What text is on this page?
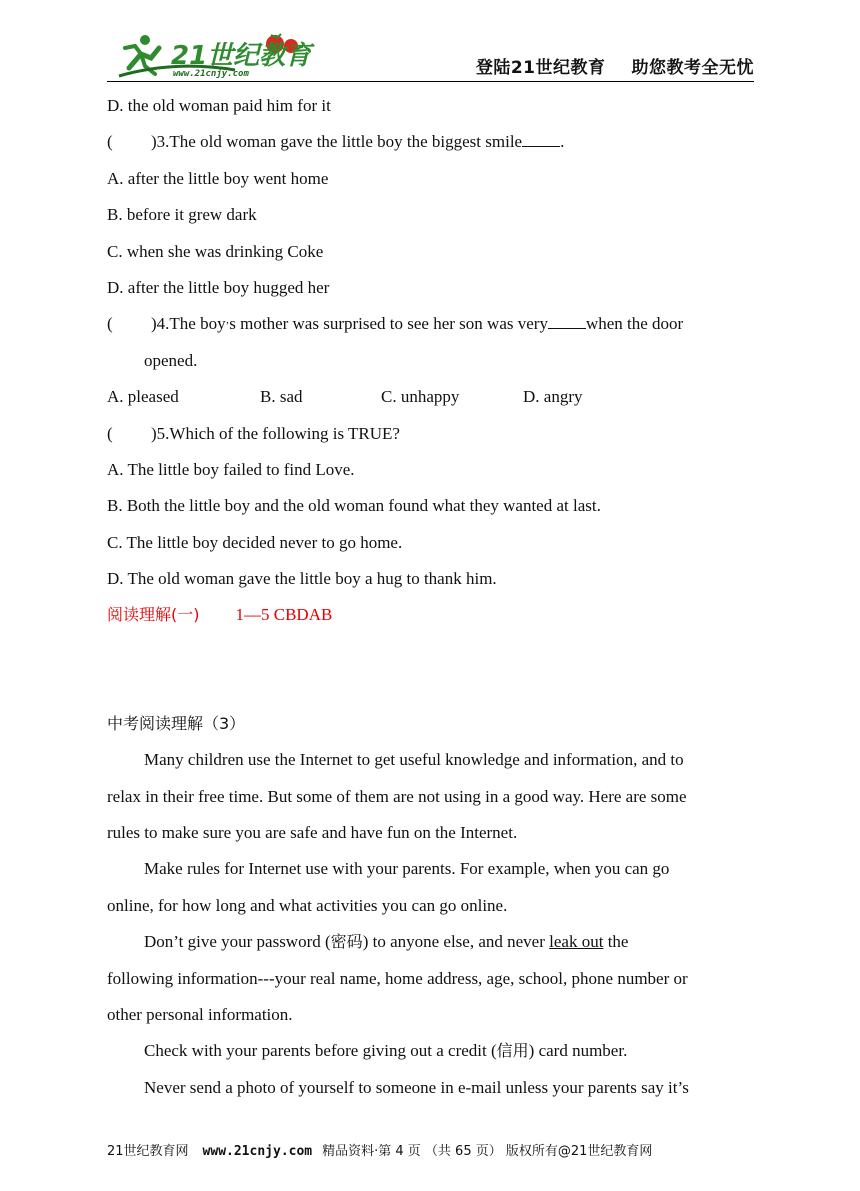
21世纪教育
www.21cnjy.com	登陆21世纪教育 助您教考全无忧
D. the old woman paid him for it
( )3.The old woman gave the little boy the biggest smile .
A. after the little boy went home
B. before it grew dark
C. when she was drinking Coke
D. after the little boy hugged her
( )4.The boy’s mother was surprised to see her son was very when the door
opened.
A. pleased	B. sad	C. unhappy	D. angry
( )5.Which of the following is TRUE?
A. The little boy failed to find Love.
B. Both the little boy and the old woman found what they wanted at last.
C. The little boy decided never to go home.
D. The old woman gave the little boy a hug to thank him.
阅读理解(一) 1—5 CBDAB
中考阅读理解（3）
Many children use the Internet to get useful knowledge and information, and to
relax in their free time. But some of them are not using in a good way. Here are some
rules to make sure you are safe and have fun on the Internet.
Make rules for Internet use with your parents. For example, when you can go
online, for how long and what activities you can go online.
Don’t give your password (密码) to anyone else, and never leak out the
following information---your real name, home address, age, school, phone number or
other personal information.
Check with your parents before giving out a credit (信用) card number.
Never send a photo of yourself to someone in e-mail unless your parents say it’s
21世纪教育网 www.21cnjy.com 精品资料·第 4 页 （共 65 页） 版权所有@21世纪教育网
